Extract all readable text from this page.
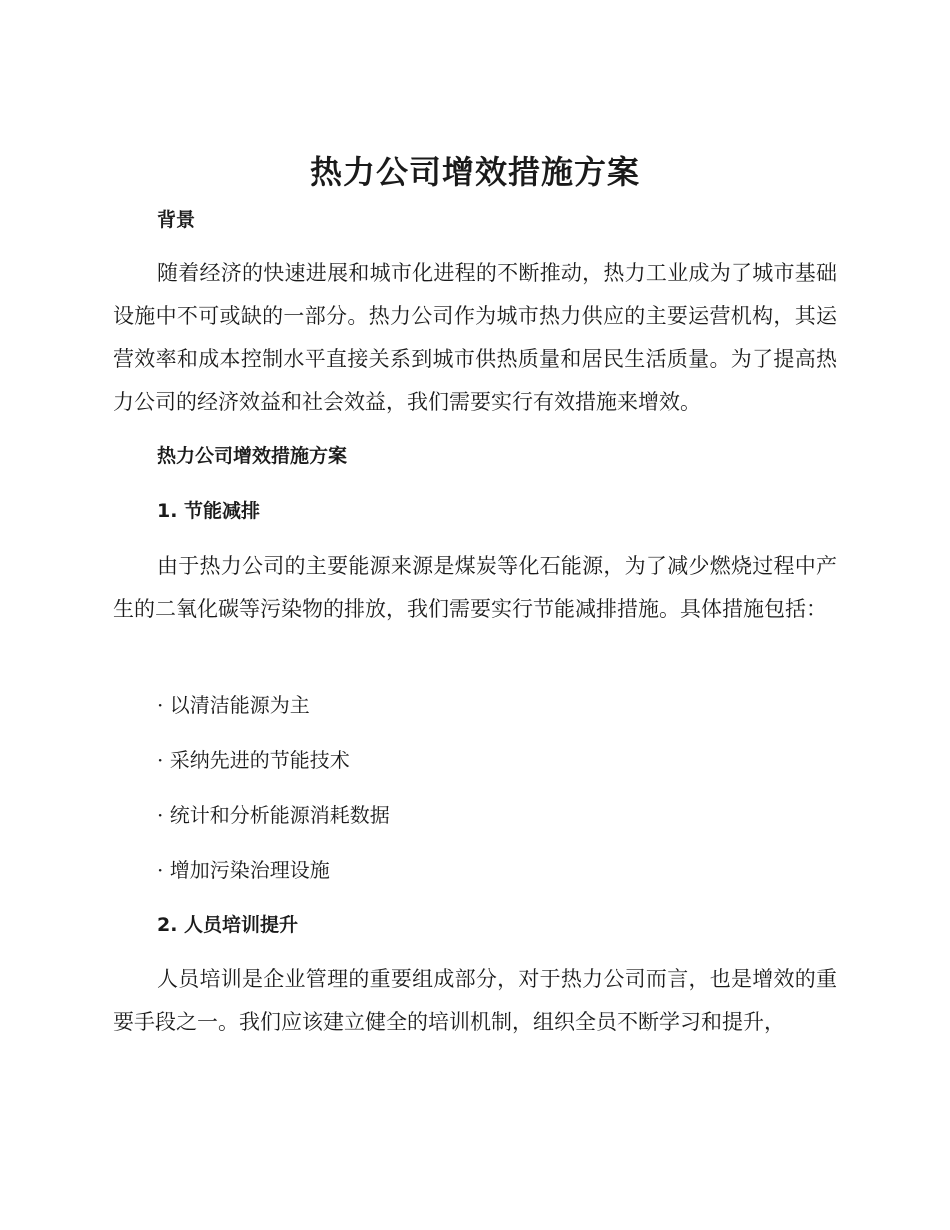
热力公司增效措施方案
背景

随着经济的快速进展和城市化进程的不断推动，热力工业成为了城市基础设施中不可或缺的一部分。热力公司作为城市热力供应的主要运营机构，其运营效率和成本控制水平直接关系到城市供热质量和居民生活质量。为了提高热力公司的经济效益和社会效益，我们需要实行有效措施来增效。

热力公司增效措施方案
1. 节能减排

由于热力公司的主要能源来源是煤炭等化石能源，为了减少燃烧过程中产生的二氧化碳等污染物的排放，我们需要实行节能减排措施。具体措施包括：

· 以清洁能源为主

· 采纳先进的节能技术

· 统计和分析能源消耗数据

· 增加污染治理设施

2. 人员培训提升

人员培训是企业管理的重要组成部分，对于热力公司而言，也是增效的重要手段之一。我们应该建立健全的培训机制，组织全员不断学习和提升，
